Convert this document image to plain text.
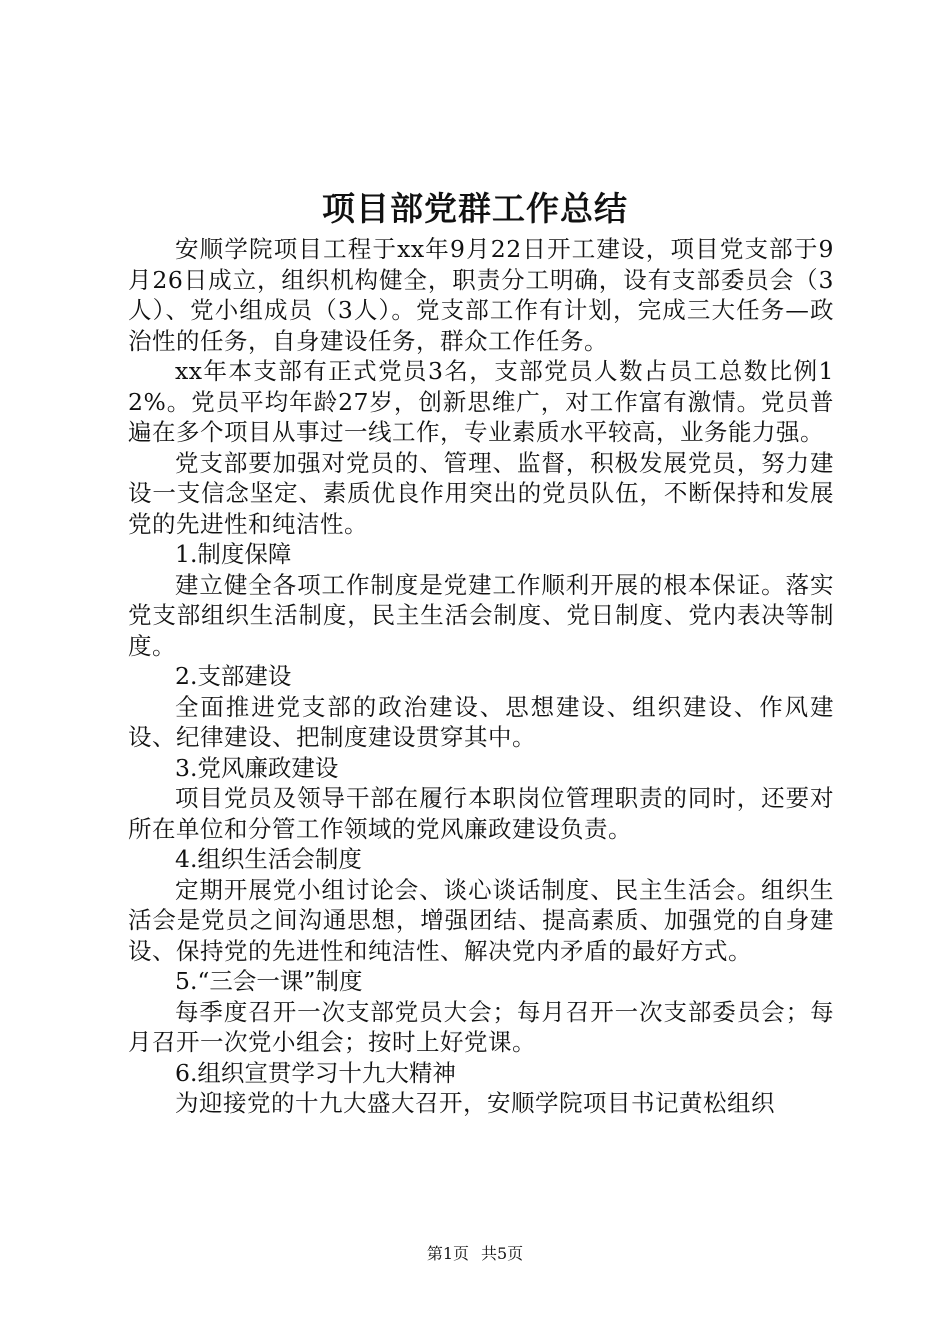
项目部党群工作总结

安顺学院项目工程于xx年9月22日开工建设，项目党支部于9月26日成立，组织机构健全，职责分工明确，设有支部委员会（3人）、党小组成员（3人）。党支部工作有计划，完成三大任务—政治性的任务，自身建设任务，群众工作任务。

xx年本支部有正式党员3名，支部党员人数占员工总数比例12%。党员平均年龄27岁，创新思维广，对工作富有激情。党员普遍在多个项目从事过一线工作，专业素质水平较高，业务能力强。

党支部要加强对党员的、管理、监督，积极发展党员，努力建设一支信念坚定、素质优良作用突出的党员队伍，不断保持和发展党的先进性和纯洁性。

1.制度保障

建立健全各项工作制度是党建工作顺利开展的根本保证。落实党支部组织生活制度，民主生活会制度、党日制度、党内表决等制度。

2.支部建设

全面推进党支部的政治建设、思想建设、组织建设、作风建设、纪律建设、把制度建设贯穿其中。

3.党风廉政建设

项目党员及领导干部在履行本职岗位管理职责的同时，还要对所在单位和分管工作领域的党风廉政建设负责。

4.组织生活会制度

定期开展党小组讨论会、谈心谈话制度、民主生活会。组织生活会是党员之间沟通思想，增强团结、提高素质、加强党的自身建设、保持党的先进性和纯洁性、解决党内矛盾的最好方式。

5.“三会一课”制度

每季度召开一次支部党员大会；每月召开一次支部委员会；每月召开一次党小组会；按时上好党课。

6.组织宣贯学习十九大精神

为迎接党的十九大盛大召开，安顺学院项目书记黄松组织

第1页 共5页
